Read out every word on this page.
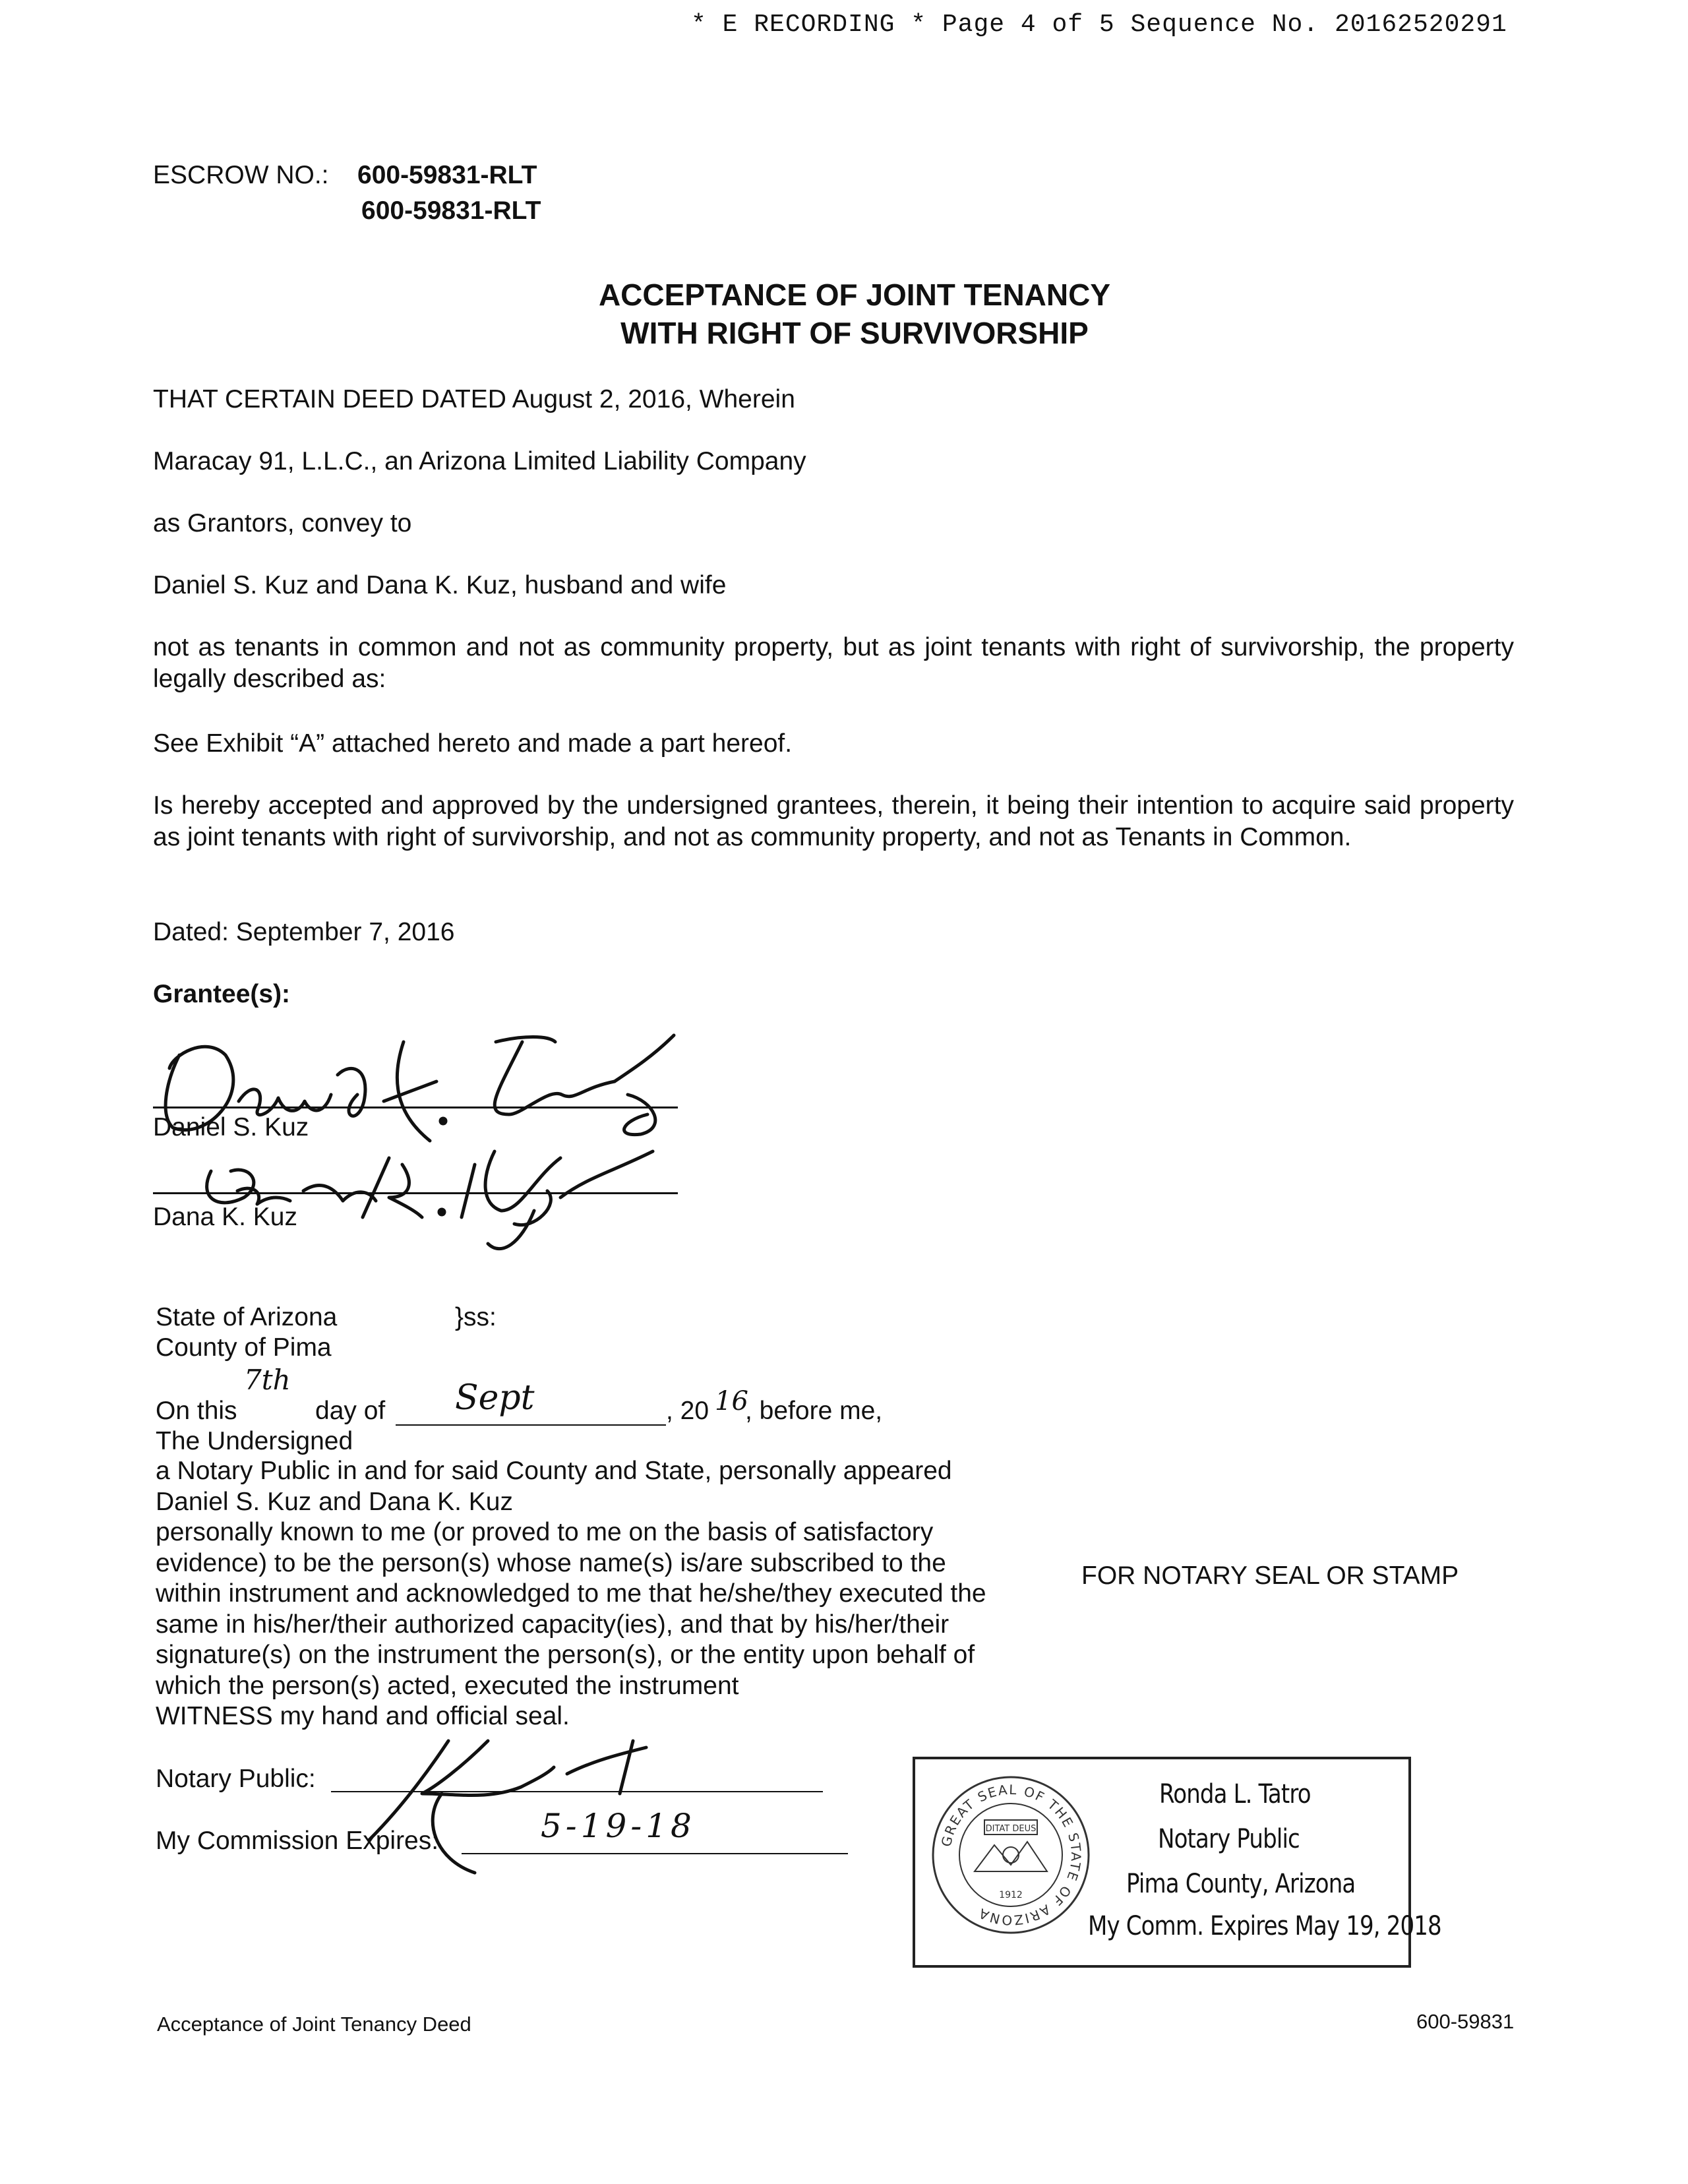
* E RECORDING * Page 4 of 5 Sequence No. 20162520291
ESCROW NO.: 600-59831-RLT
600-59831-RLT
ACCEPTANCE OF JOINT TENANCY
WITH RIGHT OF SURVIVORSHIP
THAT CERTAIN DEED DATED August 2, 2016, Wherein
Maracay 91, L.L.C., an Arizona Limited Liability Company
as Grantors, convey to
Daniel S. Kuz and Dana K. Kuz, husband and wife
not as tenants in common and not as community property, but as joint tenants with right of survivorship, the property legally described as:
See Exhibit “A” attached hereto and made a part hereof.
Is hereby accepted and approved by the undersigned grantees, therein, it being their intention to acquire said property as joint tenants with right of survivorship, and not as community property, and not as Tenants in Common.
Dated: September 7, 2016
Grantee(s):
Daniel S. Kuz
Dana K. Kuz
State of Arizona	}ss:
County of Pima
On this
7th
day of Sept	, 20 16
, before me,
The Undersigned
a Notary Public in and for said County and State, personally appeared
Daniel S. Kuz and Dana K. Kuz
personally known to me (or proved to me on the basis of satisfactory
evidence) to be the person(s) whose name(s) is/are subscribed to the
within instrument and acknowledged to me that he/she/they executed the
same in his/her/their authorized capacity(ies), and that by his/her/their
signature(s) on the instrument the person(s), or the entity upon behalf of
which the person(s) acted, executed the instrument
WITNESS my hand and official seal.
FOR NOTARY SEAL OR STAMP
Notary Public:
My Commission Expires:	5-19-18	GREAT SEAL OF THE STATE OF ARIZONA
DITAT DEUS
1912
Ronda L. Tatro
Notary Public
Pima County, Arizona
My Comm. Expires May 19, 2018
Acceptance of Joint Tenancy Deed	600-59831
